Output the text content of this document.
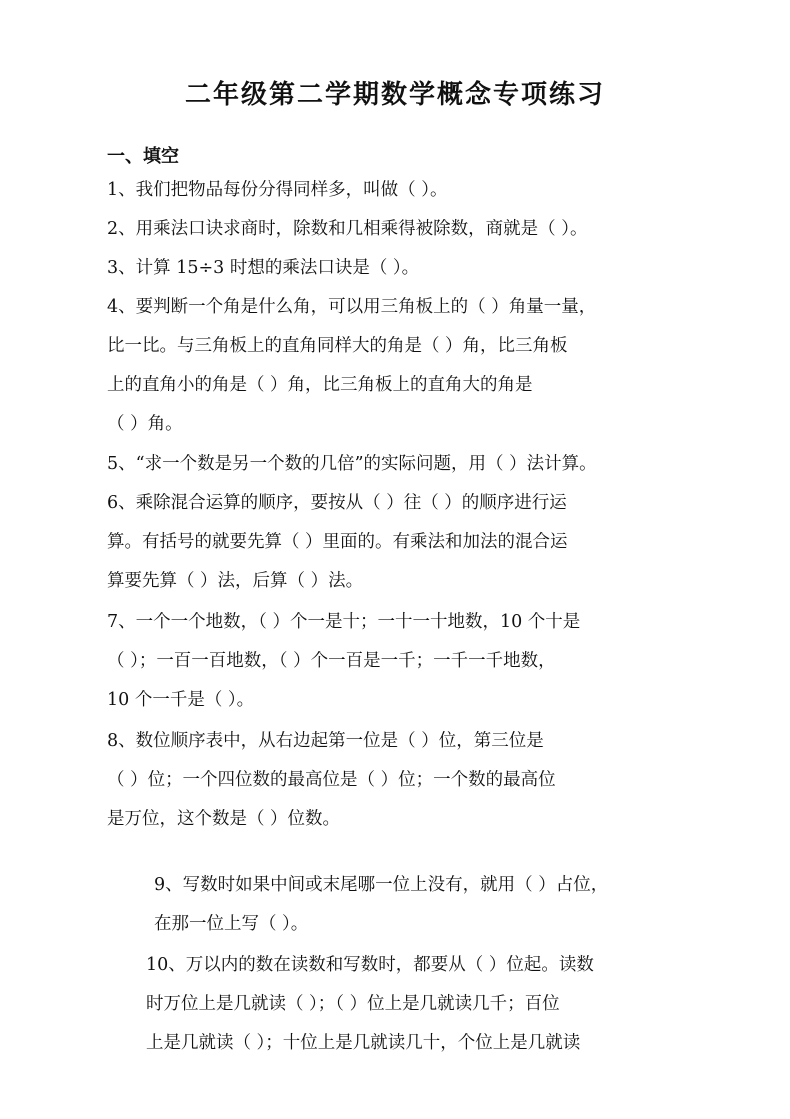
二年级第二学期数学概念专项练习
一、填空
1、我们把物品每份分得同样多，叫做（ ）。
2、用乘法口诀求商时，除数和几相乘得被除数，商就是（ ）。
3、计算 15÷3 时想的乘法口诀是（ ）。
4、要判断一个角是什么角，可以用三角板上的（ ）角量一量，
比一比。与三角板上的直角同样大的角是（ ）角，比三角板
上的直角小的角是（ ）角，比三角板上的直角大的角是
（ ）角。
5、“求一个数是另一个数的几倍”的实际问题，用（ ）法计算。
6、乘除混合运算的顺序，要按从（ ）往（ ）的顺序进行运
算。有括号的就要先算（ ）里面的。有乘法和加法的混合运
算要先算（ ）法，后算（ ）法。
7、一个一个地数，（ ）个一是十；一十一十地数，10 个十是
（ ）；一百一百地数，（ ）个一百是一千；一千一千地数，
10 个一千是（ ）。
8、数位顺序表中，从右边起第一位是（ ）位，第三位是
（ ）位；一个四位数的最高位是（ ）位；一个数的最高位
是万位，这个数是（ ）位数。
9、写数时如果中间或末尾哪一位上没有，就用（ ）占位，
在那一位上写（ ）。
10、万以内的数在读数和写数时，都要从（ ）位起。读数
时万位上是几就读（ ）；（ ）位上是几就读几千；百位
上是几就读（ ）；十位上是几就读几十，个位上是几就读
